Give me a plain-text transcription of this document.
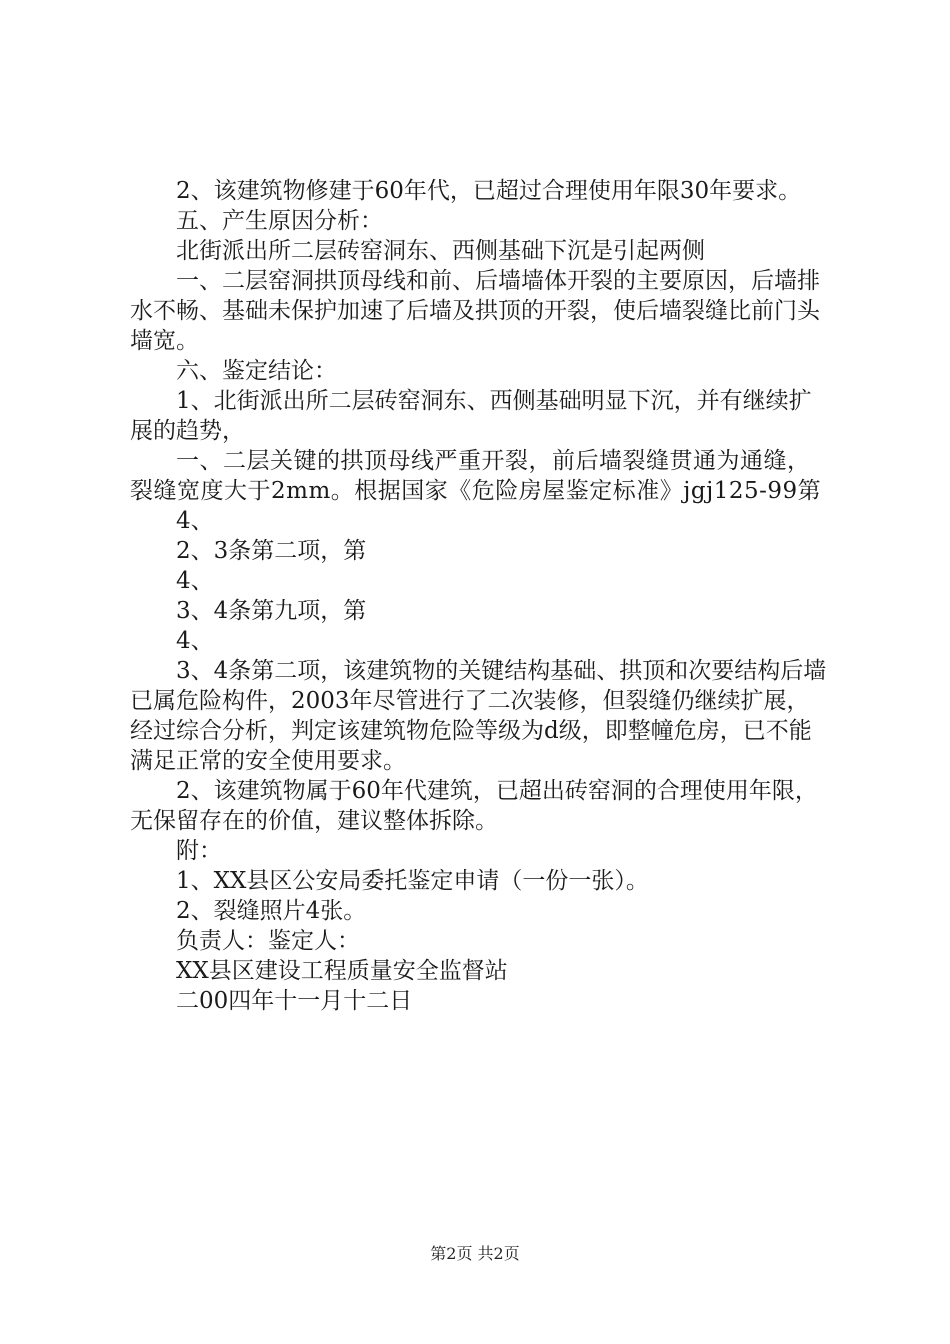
2、该建筑物修建于60年代，已超过合理使用年限30年要求。

五、产生原因分析：

北街派出所二层砖窑洞东、西侧基础下沉是引起两侧

一、二层窑洞拱顶母线和前、后墙墙体开裂的主要原因，后墙排水不畅、基础未保护加速了后墙及拱顶的开裂，使后墙裂缝比前门头墙宽。

六、鉴定结论：

1、北街派出所二层砖窑洞东、西侧基础明显下沉，并有继续扩展的趋势，

一、二层关键的拱顶母线严重开裂，前后墙裂缝贯通为通缝，裂缝宽度大于2mm。根据国家《危险房屋鉴定标准》jgj125-99第

4、

2、3条第二项，第

4、

3、4条第九项，第

4、

3、4条第二项，该建筑物的关键结构基础、拱顶和次要结构后墙已属危险构件，2003年尽管进行了二次装修，但裂缝仍继续扩展，经过综合分析，判定该建筑物危险等级为d级，即整幢危房，已不能满足正常的安全使用要求。

2、该建筑物属于60年代建筑，已超出砖窑洞的合理使用年限，无保留存在的价值，建议整体拆除。

附：

1、XX县区公安局委托鉴定申请（一份一张）。

2、裂缝照片4张。

负责人：鉴定人：

XX县区建设工程质量安全监督站

二00四年十一月十二日

第2页 共2页
